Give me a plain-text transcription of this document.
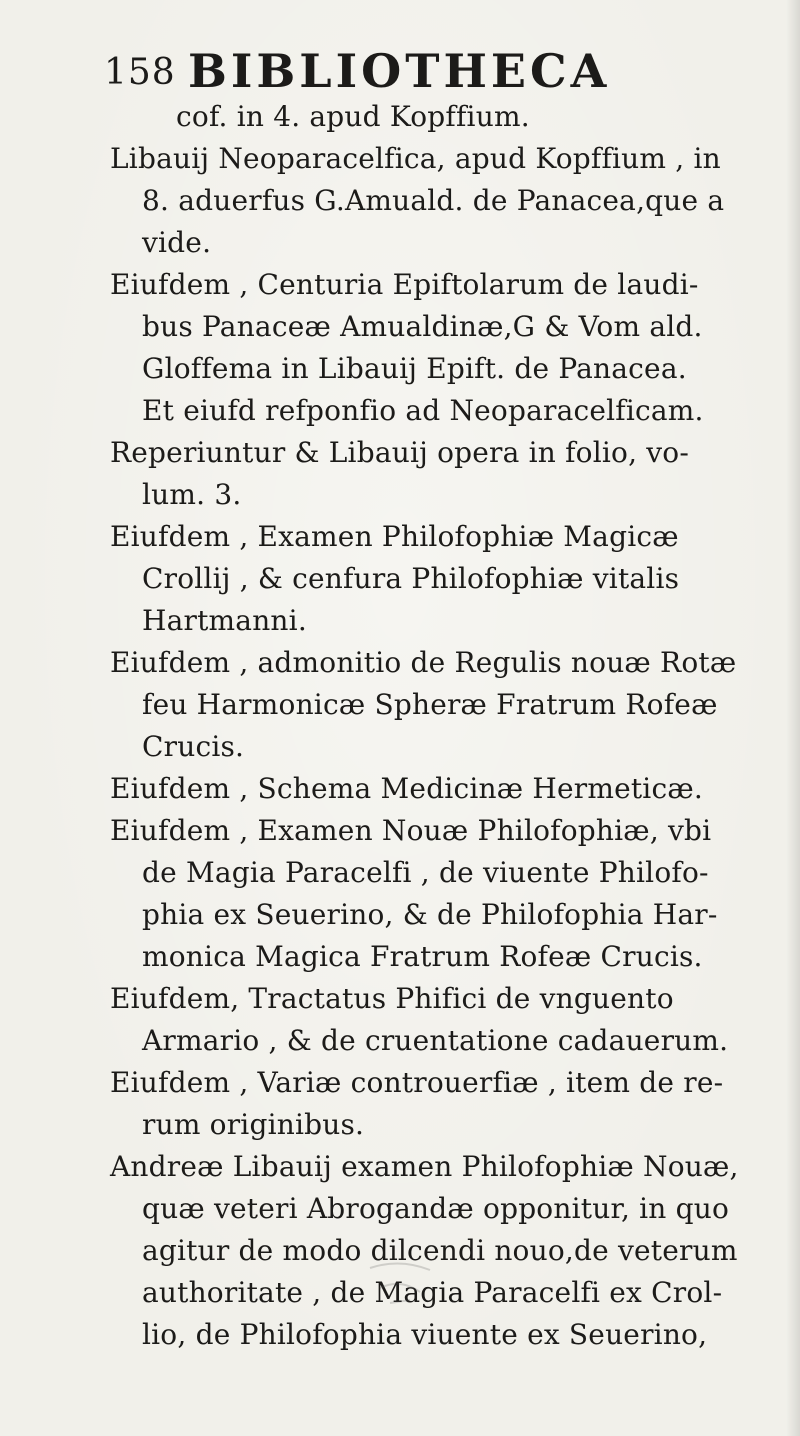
158 BIBLIOTHECA
cof. in 4. apud Kopffium.
Libauij Neoparacelfica, apud Kopffium , in
8. aduerfus G.Amuald. de Panacea,que a
vide.
Eiufdem , Centuria Epiftolarum de laudi-
bus Panaceæ Amualdinæ,G & Vom ald.
Gloffema in Libauij Epift. de Panacea.
Et eiufd refponfio ad Neoparacelficam.
Reperiuntur & Libauij opera in folio, vo-
lum. 3.
Eiufdem , Examen Philofophiæ Magicæ
Crollij , & cenfura Philofophiæ vitalis
Hartmanni.
Eiufdem , admonitio de Regulis nouæ Rotæ
feu Harmonicæ Spheræ Fratrum Rofeæ
Crucis.
Eiufdem , Schema Medicinæ Hermeticæ.
Eiufdem , Examen Nouæ Philofophiæ, vbi
de Magia Paracelfi , de viuente Philofo-
phia ex Seuerino, & de Philofophia Har-
monica Magica Fratrum Rofeæ Crucis.
Eiufdem, Tractatus Phifici de vnguento
Armario , & de cruentatione cadauerum.
Eiufdem , Variæ controuerfiæ , item de re-
rum originibus.
Andreæ Libauij examen Philofophiæ Nouæ,
quæ veteri Abrogandæ opponitur, in quo
agitur de modo dilcendi nouo,de veterum
authoritate , de Magia Paracelfi ex Crol-
lio, de Philofophia viuente ex Seuerino,
